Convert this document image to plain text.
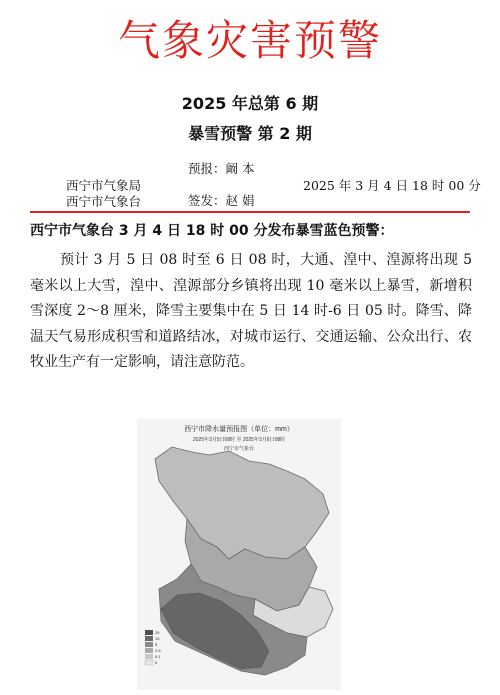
气象灾害预警
2025 年总第 6 期
暴雪预警 第 2 期
预报：阚 本
签发：赵 娟
西宁市气象局
西宁市气象台
2025 年 3 月 4 日 18 时 00 分
西宁市气象台 3 月 4 日 18 时 00 分发布暴雪蓝色预警：
预计 3 月 5 日 08 时至 6 日 08 时，大通、湟中、湟源将出现 5 毫米以上大雪，湟中、湟源部分乡镇将出现 10 毫米以上暴雪，新增积雪深度 2～8 厘米，降雪主要集中在 5 日 14 时-6 日 05 时。降雪、降温天气易形成积雪和道路结冰，对城市运行、交通运输、公众出行、农牧业生产有一定影响，请注意防范。
西宁市降水量预报图（单位：mm）
2025年3月5日08时 至 2025年3月6日08时
西宁市气象台
25
10
5
2.5
0.1
0
